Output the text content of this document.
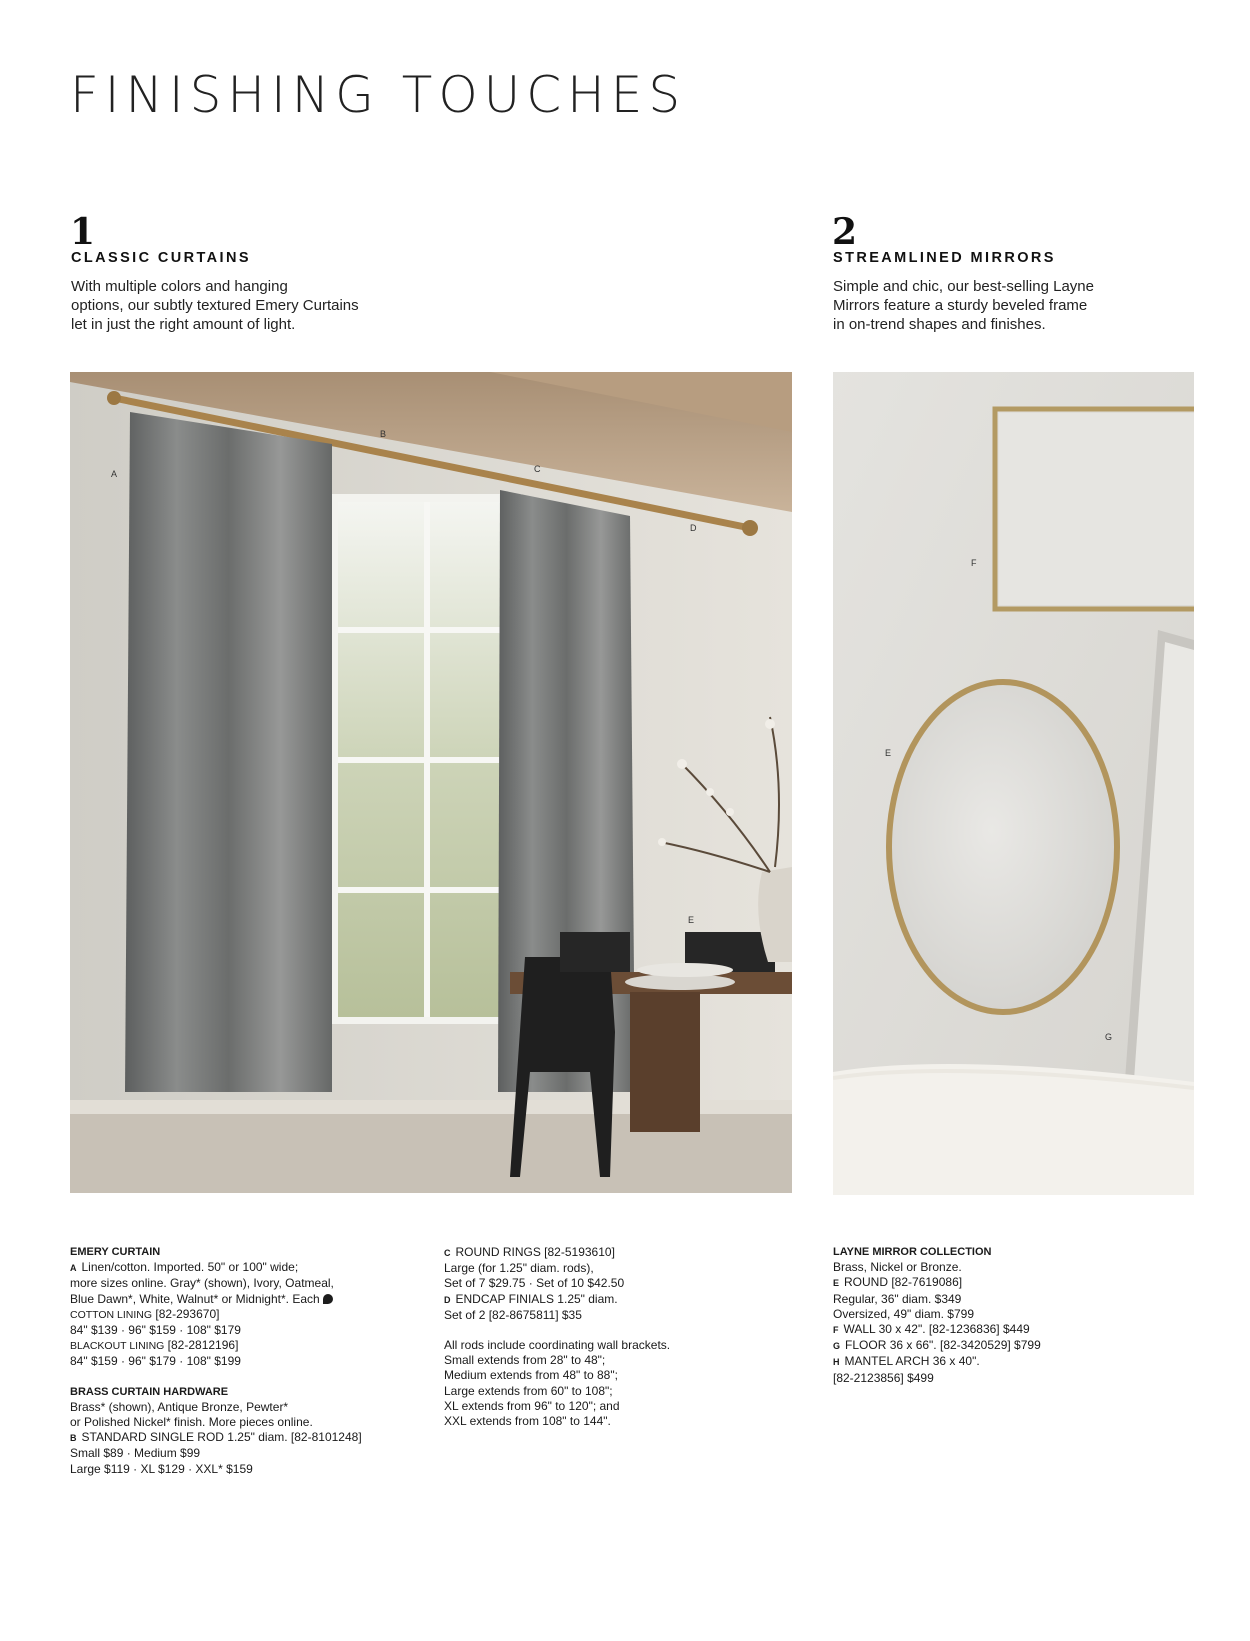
FINISHING TOUCHES
1
CLASSIC CURTAINS

With multiple colors and hanging
options, our subtly textured Emery Curtains
let in just the right amount of light.

2
STREAMLINED MIRRORS

Simple and chic, our best-selling Layne
Mirrors feature a sturdy beveled frame
in on-trend shapes and finishes.

A
B
C
D
E
F
E
G
EMERY CURTAIN
A Linen/cotton. Imported. 50" or 100" wide;
more sizes online. Gray* (shown), Ivory, Oatmeal,
Blue Dawn*, White, Walnut* or Midnight*. Each
COTTON LINING [82-293670]
84" $139 · 96" $159 · 108" $179
BLACKOUT LINING [82-2812196]
84" $159 · 96" $179 · 108" $199
BRASS CURTAIN HARDWARE
Brass* (shown), Antique Bronze, Pewter*
or Polished Nickel* finish. More pieces online.
B STANDARD SINGLE ROD 1.25" diam. [82-8101248]
Small $89 · Medium $99
Large $119 · XL $129 · XXL* $159
C ROUND RINGS [82-5193610]
Large (for 1.25" diam. rods),
Set of 7 $29.75 · Set of 10 $42.50
D ENDCAP FINIALS 1.25" diam.
Set of 2 [82-8675811] $35
All rods include coordinating wall brackets.
Small extends from 28" to 48";
Medium extends from 48" to 88";
Large extends from 60" to 108";
XL extends from 96" to 120"; and
XXL extends from 108" to 144".
LAYNE MIRROR COLLECTION
Brass, Nickel or Bronze.
E ROUND [82-7619086]
Regular, 36" diam. $349
Oversized, 49" diam. $799
F WALL 30 x 42". [82-1236836] $449
G FLOOR 36 x 66". [82-3420529] $799
H MANTEL ARCH 36 x 40".
[82-2123856] $499
